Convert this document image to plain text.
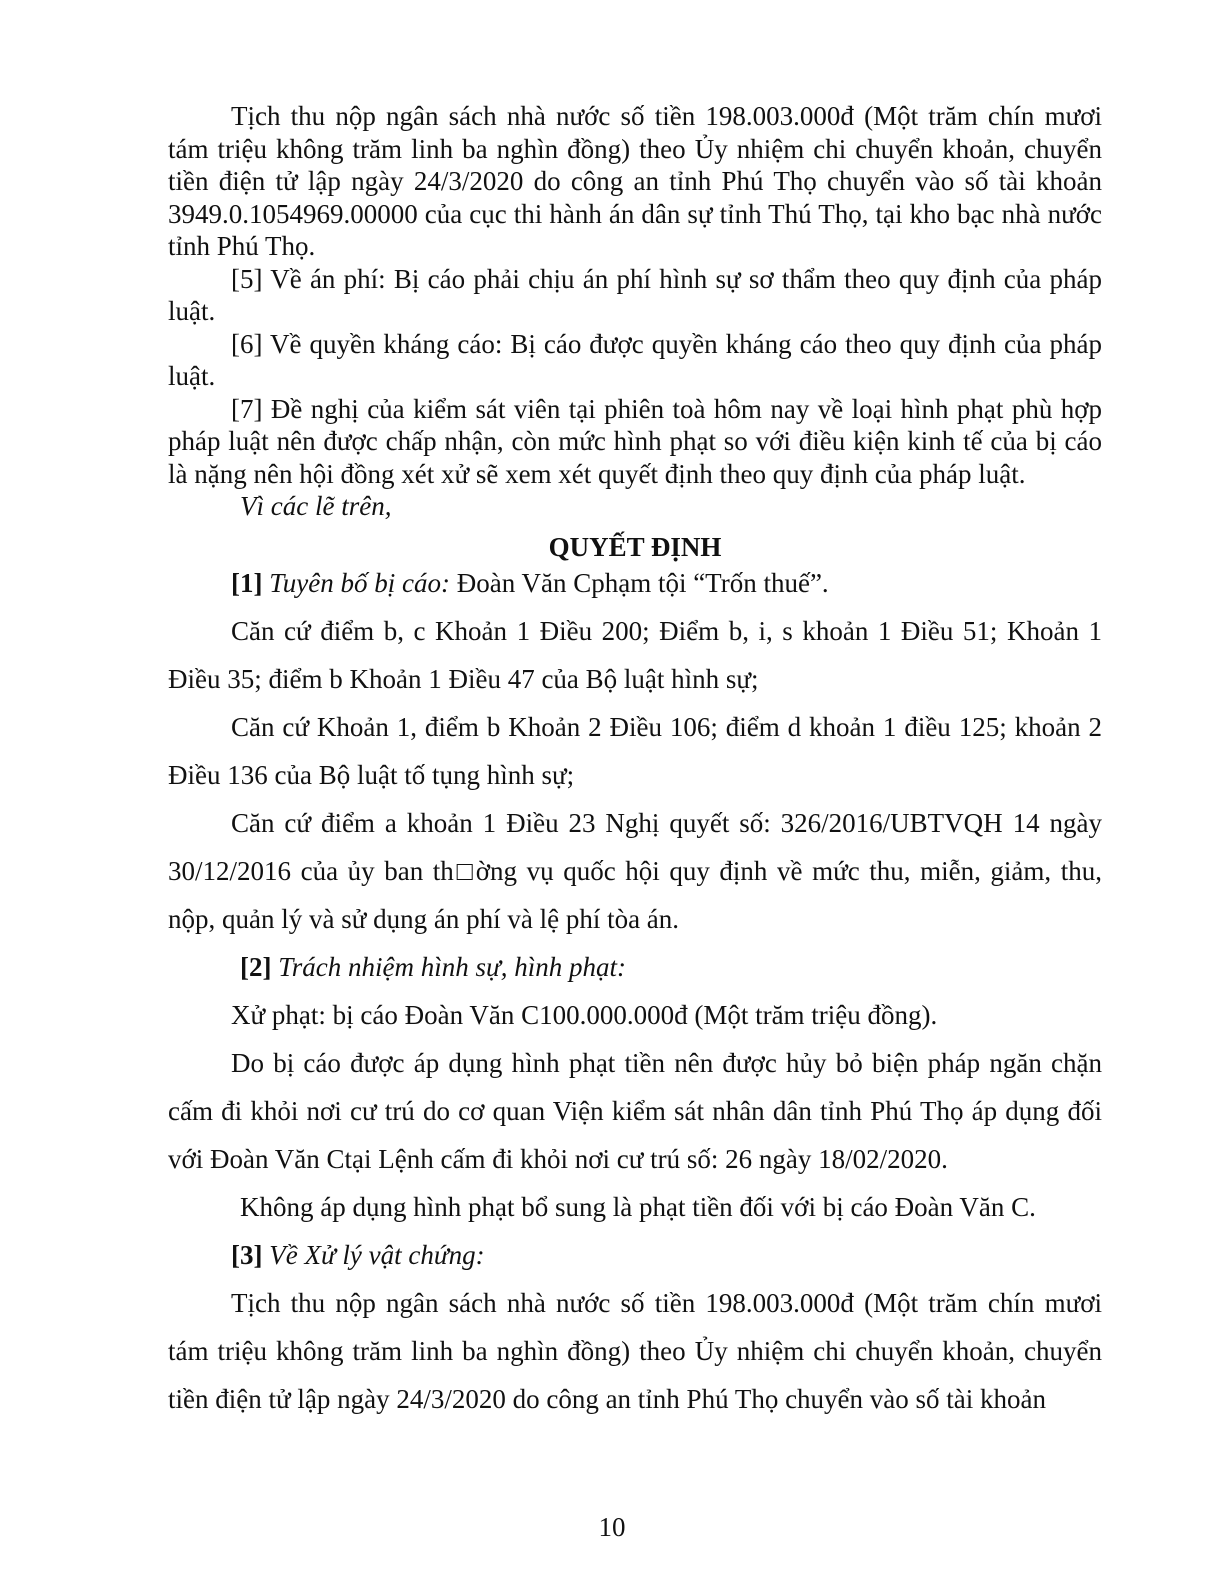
Tịch thu nộp ngân sách nhà nước số tiền 198.003.000đ (Một trăm chín mươi tám triệu không trăm linh ba nghìn đồng) theo Ủy nhiệm chi chuyển khoản, chuyển tiền điện tử lập ngày 24/3/2020 do công an tỉnh Phú Thọ chuyển vào số tài khoản 3949.0.1054969.00000 của cục thi hành án dân sự tỉnh Thú Thọ, tại kho bạc nhà nước tỉnh Phú Thọ.

[5] Về án phí: Bị cáo phải chịu án phí hình sự sơ thẩm theo quy định của pháp luật.

[6] Về quyền kháng cáo: Bị cáo được quyền kháng cáo theo quy định của pháp luật.

[7] Đề nghị của kiểm sát viên tại phiên toà hôm nay về loại hình phạt phù hợp pháp luật nên được chấp nhận, còn mức hình phạt so với điều kiện kinh tế của bị cáo là nặng nên hội đồng xét xử sẽ xem xét quyết định theo quy định của pháp luật.

Vì các lẽ trên,

QUYẾT ĐỊNH

[1] Tuyên bố bị cáo: Đoàn Văn Cphạm tội “Trốn thuế”.

Căn cứ điểm b, c Khoản 1 Điều 200; Điểm b, i, s khoản 1 Điều 51; Khoản 1 Điều 35; điểm b Khoản 1 Điều 47 của Bộ luật hình sự;

Căn cứ Khoản 1, điểm b Khoản 2 Điều 106; điểm d khoản 1 điều 125; khoản 2 Điều 136 của Bộ luật tố tụng hình sự;

Căn cứ điểm a khoản 1 Điều 23 Nghị quyết số: 326/2016/UBTVQH 14 ngày 30/12/2016 của ủy ban th□ờng vụ quốc hội quy định về mức thu, miễn, giảm, thu, nộp, quản lý và sử dụng án phí và lệ phí tòa án.

[2] Trách nhiệm hình sự, hình phạt:

Xử phạt: bị cáo Đoàn Văn C100.000.000đ (Một trăm triệu đồng).

Do bị cáo được áp dụng hình phạt tiền nên được hủy bỏ biện pháp ngăn chặn cấm đi khỏi nơi cư trú do cơ quan Viện kiểm sát nhân dân tỉnh Phú Thọ áp dụng đối với Đoàn Văn Ctại Lệnh cấm đi khỏi nơi cư trú số: 26 ngày 18/02/2020.

Không áp dụng hình phạt bổ sung là phạt tiền đối với bị cáo Đoàn Văn C.

[3] Về Xử lý vật chứng:

Tịch thu nộp ngân sách nhà nước số tiền 198.003.000đ (Một trăm chín mươi tám triệu không trăm linh ba nghìn đồng) theo Ủy nhiệm chi chuyển khoản, chuyển tiền điện tử lập ngày 24/3/2020 do công an tỉnh Phú Thọ chuyển vào số tài khoản

10
